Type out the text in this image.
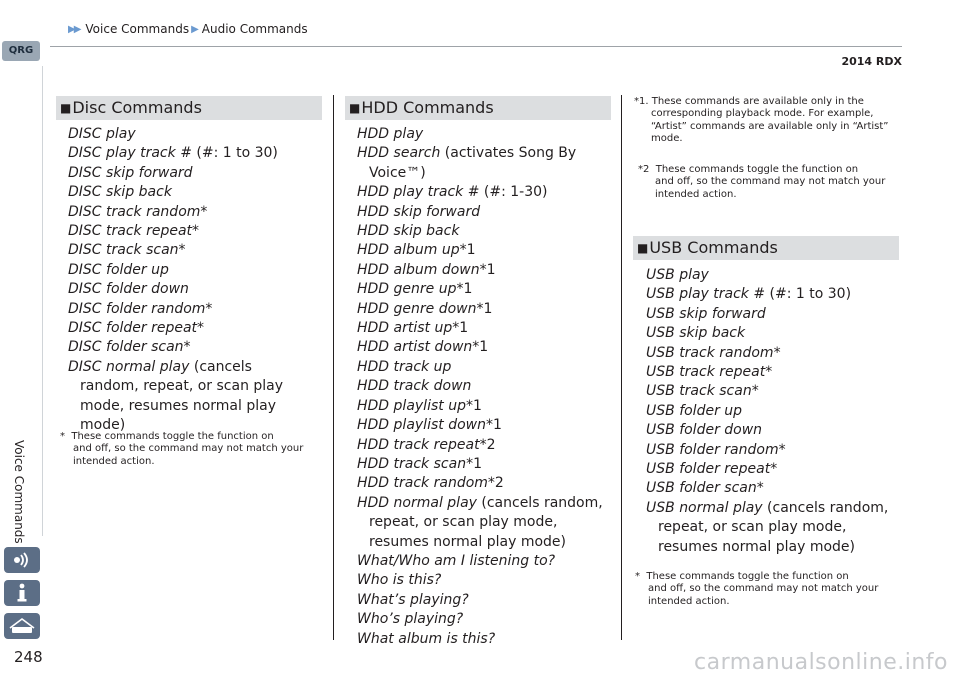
▶▶ Voice Commands ▶ Audio Commands
2014 RDX
QRG
Voice Commands
248
■Disc Commands
DISC play
DISC play track # (#: 1 to 30)
DISC skip forward
DISC skip back
DISC track random*
DISC track repeat*
DISC track scan*
DISC folder up
DISC folder down
DISC folder random*
DISC folder repeat*
DISC folder scan*
DISC normal play (cancels random, repeat, or scan play mode, resumes normal play mode)
* These commands toggle the function on
and off, so the command may not match your intended action.
■HDD Commands
HDD play
HDD search (activates Song By Voice™)
HDD play track # (#: 1-30)
HDD skip forward
HDD skip back
HDD album up*1
HDD album down*1
HDD genre up*1
HDD genre down*1
HDD artist up*1
HDD artist down*1
HDD track up
HDD track down
HDD playlist up*1
HDD playlist down*1
HDD track repeat*2
HDD track scan*1
HDD track random*2
HDD normal play (cancels random, repeat, or scan play mode, resumes normal play mode)
What/Who am I listening to?
Who is this?
What’s playing?
Who’s playing?
What album is this?
*1. These commands are available only in the
corresponding playback mode. For example, “Artist” commands are available only in “Artist” mode.
*2 These commands toggle the function on
and off, so the command may not match your intended action.
■USB Commands
USB play
USB play track # (#: 1 to 30)
USB skip forward
USB skip back
USB track random*
USB track repeat*
USB track scan*
USB folder up
USB folder down
USB folder random*
USB folder repeat*
USB folder scan*
USB normal play (cancels random, repeat, or scan play mode, resumes normal play mode)
* These commands toggle the function on
and off, so the command may not match your intended action.
carmanualsonline.info
